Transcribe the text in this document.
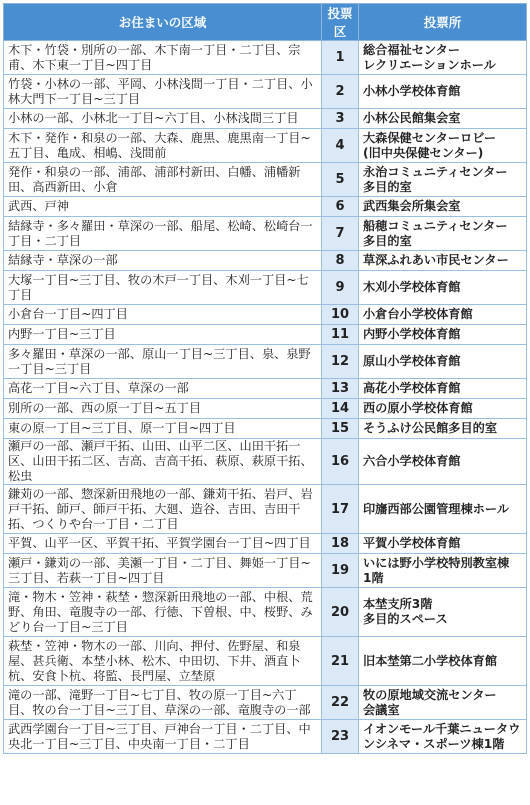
お住まいの区域	投票区	投票所
木下・竹袋・別所の一部、木下南一丁目・二丁目、宗甫、木下東一丁目~四丁目	1	総合福祉センター
レクリエーションホール
竹袋・小林の一部、平岡、小林浅間一丁目・二丁目、小林大門下一丁目~三丁目	2	小林小学校体育館
小林の一部、小林北一丁目~六丁目、小林浅間三丁目	3	小林公民館集会室
木下・発作・和泉の一部、大森、鹿黒、鹿黒南一丁目~五丁目、亀成、相嶋、浅間前	4	大森保健センターロビー
(旧中央保健センター)
発作・和泉の一部、浦部、浦部村新田、白幡、浦幡新田、高西新田、小倉	5	永治コミュニティセンター
多目的室
武西、戸神	6	武西集会所集会室
結縁寺・多々羅田・草深の一部、船尾、松崎、松崎台一丁目・二丁目	7	船穂コミュニティセンター
多目的室
結縁寺・草深の一部	8	草深ふれあい市民センター
大塚一丁目~三丁目、牧の木戸一丁目、木刈一丁目~七丁目	9	木刈小学校体育館
小倉台一丁目~四丁目	10	小倉台小学校体育館
内野一丁目~三丁目	11	内野小学校体育館
多々羅田・草深の一部、原山一丁目~三丁目、泉、泉野一丁目~三丁目	12	原山小学校体育館
高花一丁目~六丁目、草深の一部	13	高花小学校体育館
別所の一部、西の原一丁目~五丁目	14	西の原小学校体育館
東の原一丁目~三丁目、原一丁目~四丁目	15	そうふけ公民館多目的室
瀬戸の一部、瀬戸干拓、山田、山平二区、山田干拓一区、山田干拓二区、吉高、吉高干拓、萩原、萩原干拓、松虫	16	六合小学校体育館
鎌苅の一部、惣深新田飛地の一部、鎌苅干拓、岩戸、岩戸干拓、師戸、師戸干拓、大廻、造谷、吉田、吉田干拓、つくりや台一丁目・二丁目	17	印旛西部公園管理棟ホール
平賀、山平一区、平賀干拓、平賀学園台一丁目~四丁目	18	平賀小学校体育館
瀬戸・鎌苅の一部、美瀬一丁目・二丁目、舞姫一丁目~三丁目、若萩一丁目~四丁目	19	いには野小学校特別教室棟
1階
滝・物木・笠神・萩埜・惣深新田飛地の一部、中根、荒野、角田、竜腹寺の一部、行徳、下曽根、中、桜野、みどり台一丁目~三丁目	20	本埜支所3階
多目的スペース
萩埜・笠神・物木の一部、川向、押付、佐野屋、和泉屋、甚兵衛、本埜小林、松木、中田切、下井、酒直卜杭、安食卜杭、将監、長門屋、立埜原	21	旧本埜第二小学校体育館
滝の一部、滝野一丁目~七丁目、牧の原一丁目~六丁目、牧の台一丁目~三丁目、草深の一部、竜腹寺の一部	22	牧の原地域交流センター
会議室
武西学園台一丁目~三丁目、戸神台一丁目・二丁目、中央北一丁目~三丁目、中央南一丁目・二丁目	23	イオンモール千葉ニュータウ
ンシネマ・スポーツ棟1階
